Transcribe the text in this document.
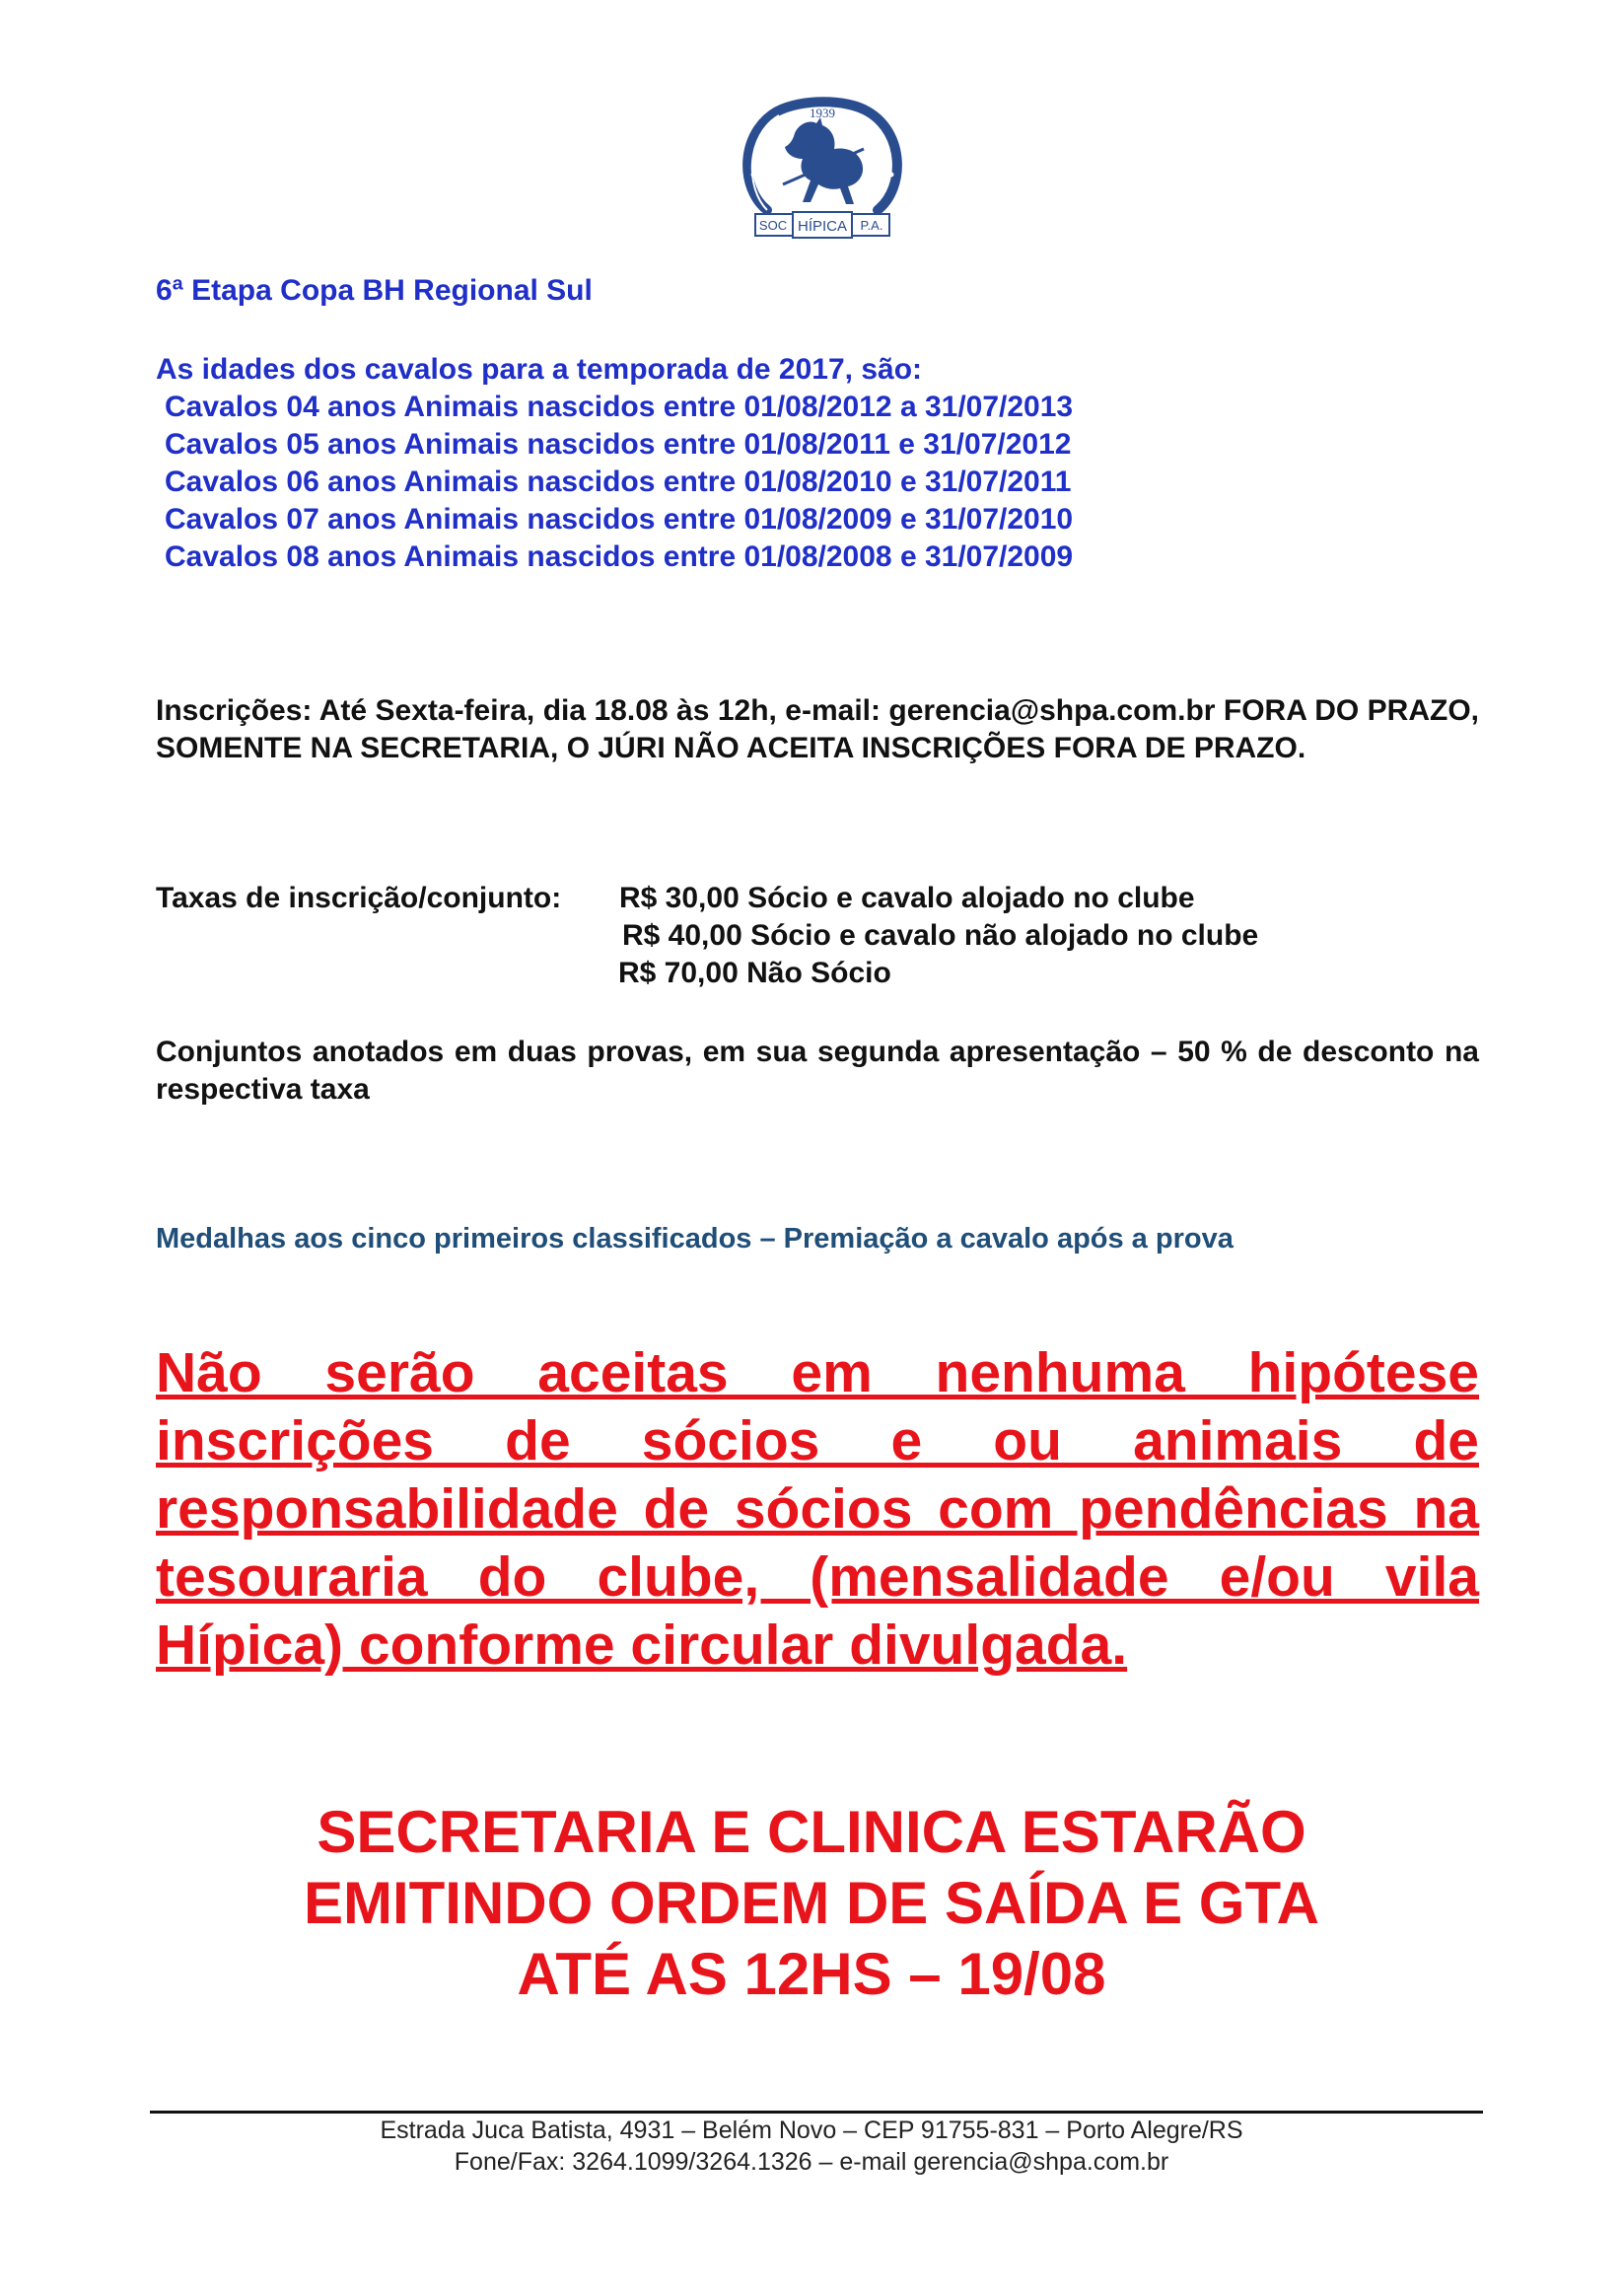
1939
SOC HÍPICA P.A.
6ª Etapa Copa BH Regional Sul
As idades dos cavalos para a temporada de 2017, são:
Cavalos 04 anos Animais nascidos entre 01/08/2012 a 31/07/2013
Cavalos 05 anos Animais nascidos entre 01/08/2011 e 31/07/2012
Cavalos 06 anos Animais nascidos entre 01/08/2010 e 31/07/2011
Cavalos 07 anos Animais nascidos entre 01/08/2009 e 31/07/2010
Cavalos 08 anos Animais nascidos entre 01/08/2008 e 31/07/2009
Inscrições: Até Sexta-feira, dia 18.08 às 12h, e-mail: gerencia@shpa.com.br FORA DO PRAZO, SOMENTE NA SECRETARIA, O JÚRI NÃO ACEITA INSCRIÇÕES FORA DE PRAZO.
Taxas de inscrição/conjunto: R$ 30,00 Sócio e cavalo alojado no clube
R$ 40,00 Sócio e cavalo não alojado no clube
R$ 70,00 Não Sócio
Conjuntos anotados em duas provas, em sua segunda apresentação – 50 % de desconto na respectiva taxa
Medalhas aos cinco primeiros classificados – Premiação a cavalo após a prova
Não serão aceitas em nenhuma hipótese inscrições de sócios e ou animais de responsabilidade de sócios com pendências na tesouraria do clube, (mensalidade e/ou vila Hípica) conforme circular divulgada.
SECRETARIA E CLINICA ESTARÃO
EMITINDO ORDEM DE SAÍDA E GTA
ATÉ AS 12HS – 19/08
Estrada Juca Batista, 4931 – Belém Novo – CEP 91755-831 – Porto Alegre/RS
Fone/Fax: 3264.1099/3264.1326 – e-mail gerencia@shpa.com.br
